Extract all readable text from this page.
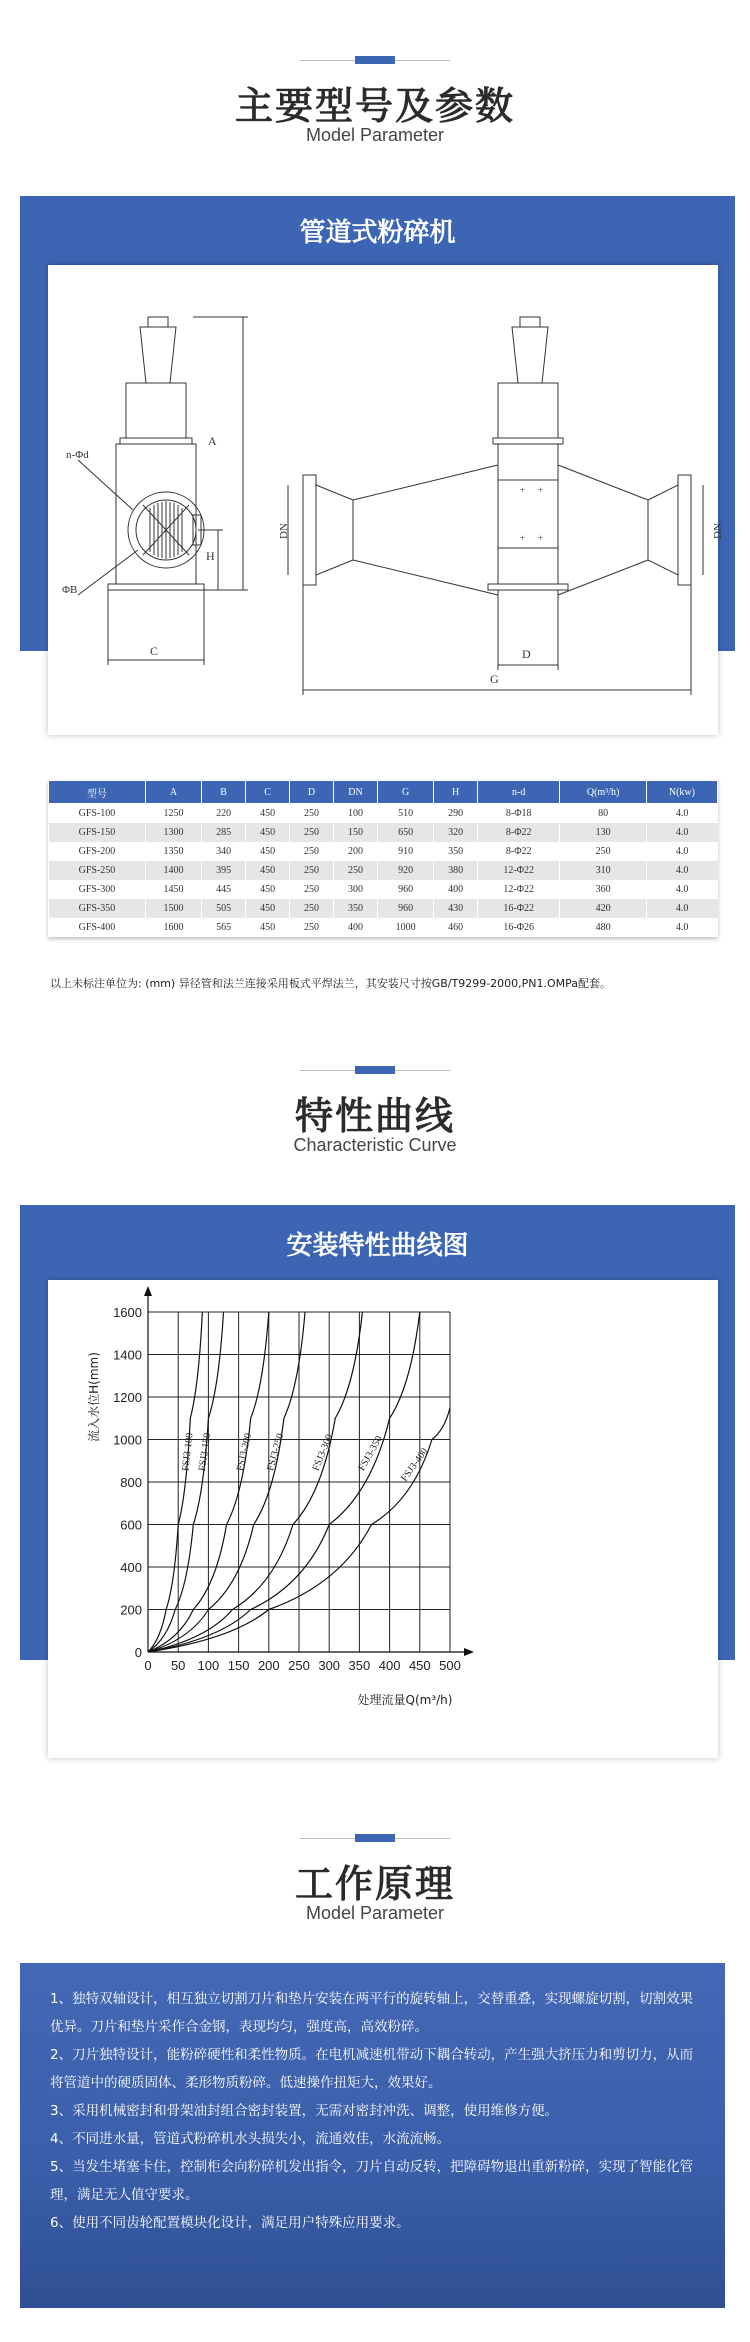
主要型号及参数
Model Parameter
管道式粉碎机
A
H
C
n-Φd
ΦB
+ +
+ +
DN	DN
D
G
型号	A	B	C	D	DN	G	H	n-d	Q(m³/h)	N(kw)
GFS-100	1250	220	450	250	100	510	290	8-Φ18	80	4.0
GFS-150	1300	285	450	250	150	650	320	8-Φ22	130	4.0
GFS-200	1350	340	450	250	200	910	350	8-Φ22	250	4.0
GFS-250	1400	395	450	250	250	920	380	12-Φ22	310	4.0
GFS-300	1450	445	450	250	300	960	400	12-Φ22	360	4.0
GFS-350	1500	505	450	250	350	960	430	16-Φ22	420	4.0
GFS-400	1600	565	450	250	400	1000	460	16-Φ26	480	4.0
以上未标注单位为: (mm) 异径管和法兰连接采用板式平焊法兰，其安装尺寸按GB/T9299-2000,PN1.OMPa配套。
特性曲线
Characteristic Curve
安装特性曲线图
0 50 100 150 200 250 300 350 400 450 500
0
200
400
600
800
1000
1200
1400
1600
流入水位H(mm)
处理流量Q(m³/h)
FSJ3-100 FSJ3-150 FSJ3-200 FSJ3-250 FSJ3-300 FSJ3-350 FSJ3-400
工作原理
Model Parameter
1、独特双轴设计，相互独立切割刀片和垫片安装在两平行的旋转轴上，交替重叠，实现螺旋切割，切割效果优异。刀片和垫片采作合金钢，表现均匀，强度高，高效粉碎。
2、刀片独特设计，能粉碎硬性和柔性物质。在电机减速机带动下耦合转动，产生强大挤压力和剪切力，从而将管道中的硬质固体、柔形物质粉碎。低速操作扭矩大，效果好。
3、采用机械密封和骨架油封组合密封装置，无需对密封冲洗、调整，使用维修方便。
4、不同进水量，管道式粉碎机水头损失小，流通效佳，水流流畅。
5、当发生堵塞卡住，控制柜会向粉碎机发出指令，刀片自动反转，把障碍物退出重新粉碎，实现了智能化管理，满足无人值守要求。
6、使用不同齿轮配置模块化设计，满足用户特殊应用要求。
